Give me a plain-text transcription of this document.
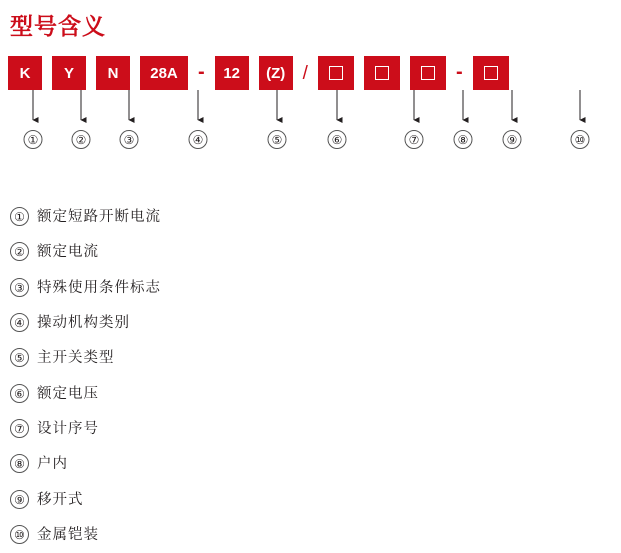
型号含义
K	Y	N	28A	-	12	(Z) /	-
①	②	③	④	⑤	⑥	⑦	⑧	⑨	⑩
① 额定短路开断电流
② 额定电流
③ 特殊使用条件标志
④ 操动机构类别
⑤ 主开关类型
⑥ 额定电压
⑦ 设计序号
⑧ 户内
⑨ 移开式
⑩ 金属铠装
